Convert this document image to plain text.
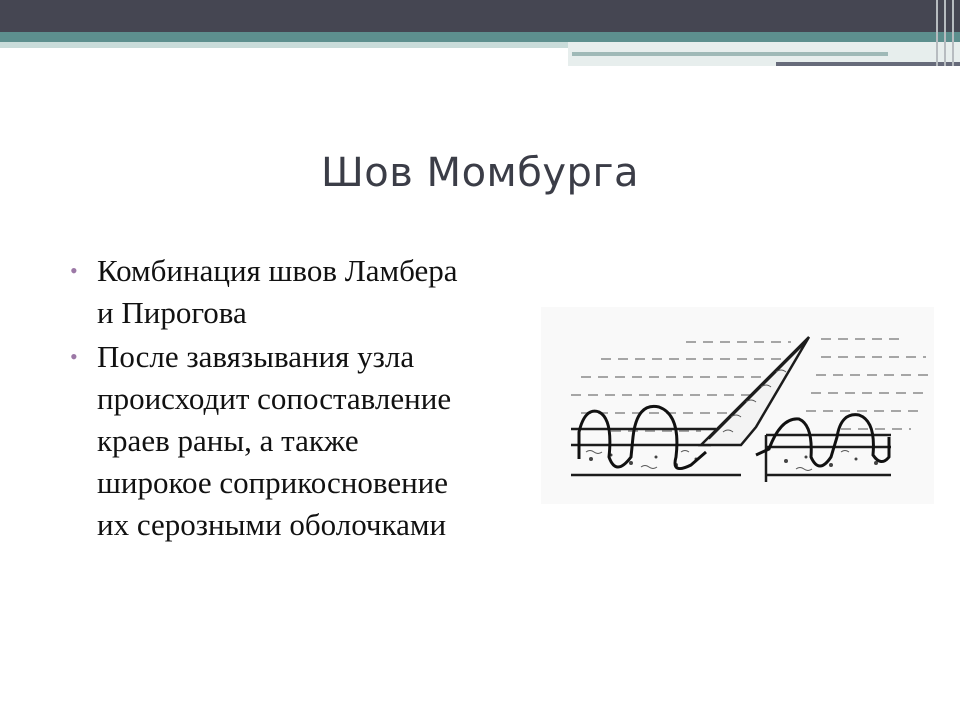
Шов Момбурга
• Комбинация швов Ламбера и Пирогова
• После завязывания узла происходит сопоставление краев раны, а также широкое соприкосновение их серозными оболочками
